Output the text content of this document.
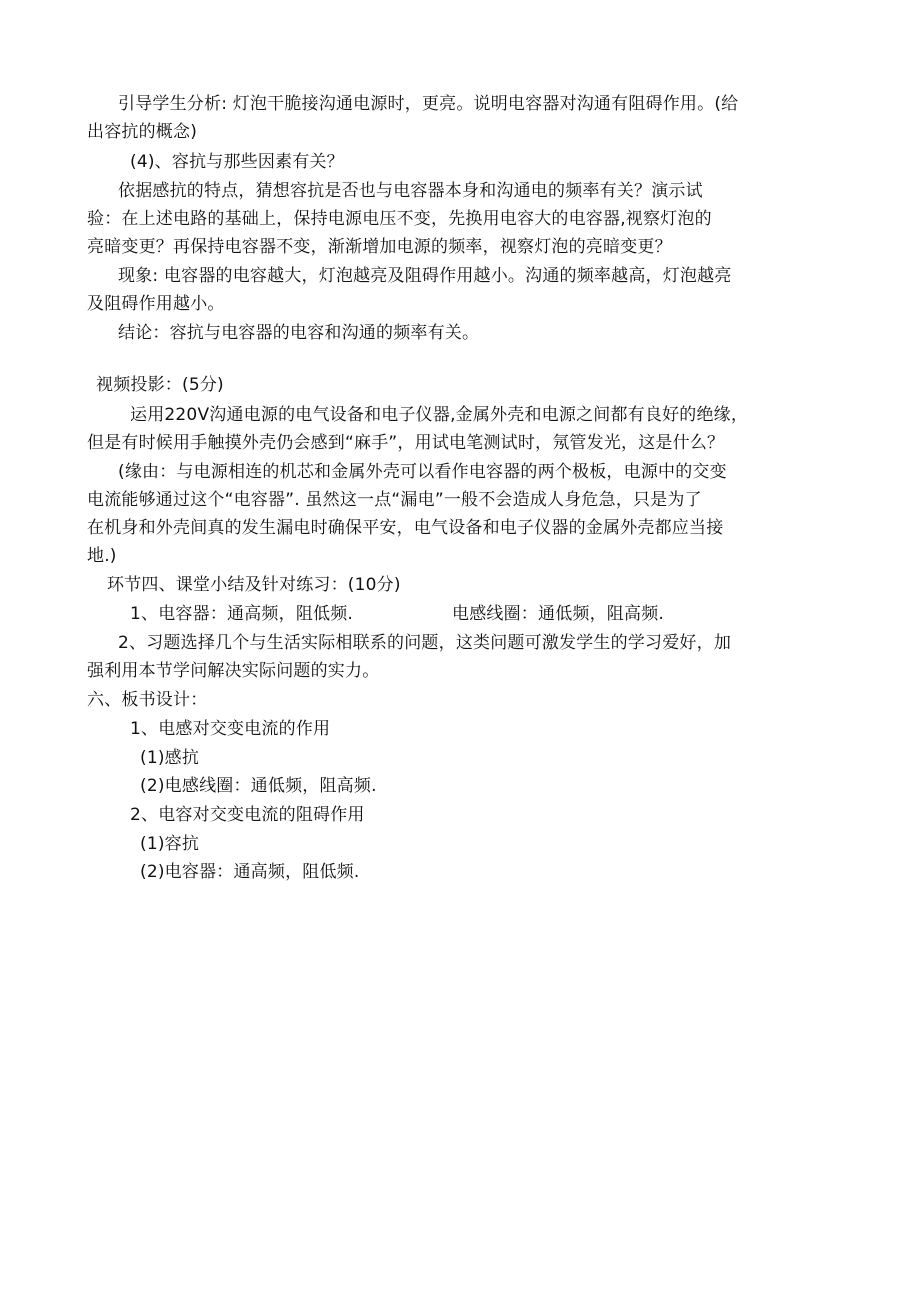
引导学生分析: 灯泡干脆接沟通电源时，更亮。说明电容器对沟通有阻碍作用。(给
出容抗的概念)
(4)、容抗与那些因素有关？
依据感抗的特点，猜想容抗是否也与电容器本身和沟通电的频率有关？演示试
验：在上述电路的基础上，保持电源电压不变，先换用电容大的电容器,视察灯泡的
亮暗变更？再保持电容器不变，渐渐增加电源的频率，视察灯泡的亮暗变更？
现象: 电容器的电容越大，灯泡越亮及阻碍作用越小。沟通的频率越高，灯泡越亮
及阻碍作用越小。
结论：容抗与电容器的电容和沟通的频率有关。
视频投影：(5分)
运用220V沟通电源的电气设备和电子仪器,金属外壳和电源之间都有良好的绝缘，
但是有时候用手触摸外壳仍会感到“麻手”，用试电笔测试时，氖管发光，这是什么？
(缘由：与电源相连的机芯和金属外壳可以看作电容器的两个极板，电源中的交变
电流能够通过这个“电容器”. 虽然这一点“漏电”一般不会造成人身危急，只是为了
在机身和外壳间真的发生漏电时确保平安，电气设备和电子仪器的金属外壳都应当接
地.)
环节四、课堂小结及针对练习：(10分)
1、电容器：通高频，阻低频.	电感线圈：通低频，阻高频.
2、习题选择几个与生活实际相联系的问题，这类问题可激发学生的学习爱好，加
强利用本节学问解决实际问题的实力。
六、板书设计：
1、电感对交变电流的作用
(1)感抗
(2)电感线圈：通低频，阻高频.
2、电容对交变电流的阻碍作用
(1)容抗
(2)电容器：通高频，阻低频.
